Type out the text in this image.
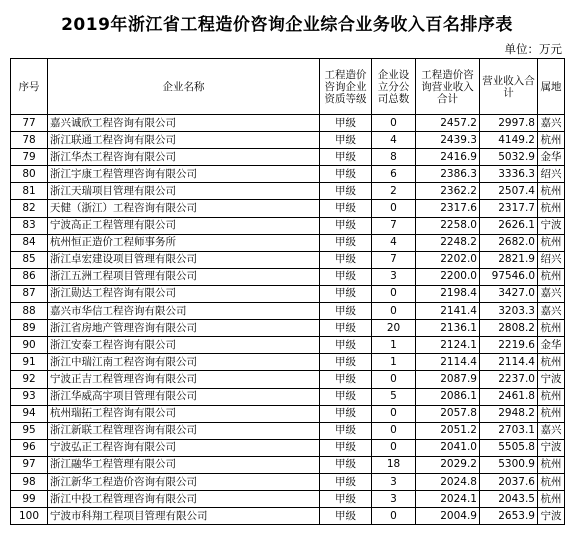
2019年浙江省工程造价咨询企业综合业务收入百名排序表
单位：万元
序号	企业名称	工程造价咨询企业资质等级	企业设立分公司总数	工程造价咨询营业收入合计	营业收入合计	属地
77	嘉兴诚欣工程咨询有限公司	甲级	0	2457.2	2997.8	嘉兴
78	浙江联通工程咨询有限公司	甲级	4	2439.3	4149.2	杭州
79	浙江华杰工程咨询有限公司	甲级	8	2416.9	5032.9	金华
80	浙江宇康工程管理咨询有限公司	甲级	6	2386.3	3336.3	绍兴
81	浙江天瑞项目管理有限公司	甲级	2	2362.2	2507.4	杭州
82	天健（浙江）工程咨询有限公司	甲级	0	2317.6	2317.7	杭州
83	宁波高正工程管理有限公司	甲级	7	2258.0	2626.1	宁波
84	杭州恒正造价工程师事务所	甲级	4	2248.2	2682.0	杭州
85	浙江卓宏建设项目管理有限公司	甲级	7	2202.0	2821.9	绍兴
86	浙江五洲工程项目管理有限公司	甲级	3	2200.0	97546.0	杭州
87	浙江勋达工程咨询有限公司	甲级	0	2198.4	3427.0	嘉兴
88	嘉兴市华信工程咨询有限公司	甲级	0	2141.4	3203.3	嘉兴
89	浙江省房地产管理咨询有限公司	甲级	20	2136.1	2808.2	杭州
90	浙江安泰工程咨询有限公司	甲级	1	2124.1	2219.6	金华
91	浙江中瑞江南工程咨询有限公司	甲级	1	2114.4	2114.4	杭州
92	宁波正吉工程管理咨询有限公司	甲级	0	2087.9	2237.0	宁波
93	浙江华威高宇项目管理有限公司	甲级	5	2086.1	2461.8	杭州
94	杭州瑞拓工程咨询有限公司	甲级	0	2057.8	2948.2	杭州
95	浙江新联工程管理咨询有限公司	甲级	0	2051.2	2703.1	嘉兴
96	宁波弘正工程咨询有限公司	甲级	0	2041.0	5505.8	宁波
97	浙江融华工程管理有限公司	甲级	18	2029.2	5300.9	杭州
98	浙江新华工程造价咨询有限公司	甲级	3	2024.8	2037.6	杭州
99	浙江中投工程管理咨询有限公司	甲级	3	2024.1	2043.5	杭州
100	宁波市科翔工程项目管理有限公司	甲级	0	2004.9	2653.9	宁波
